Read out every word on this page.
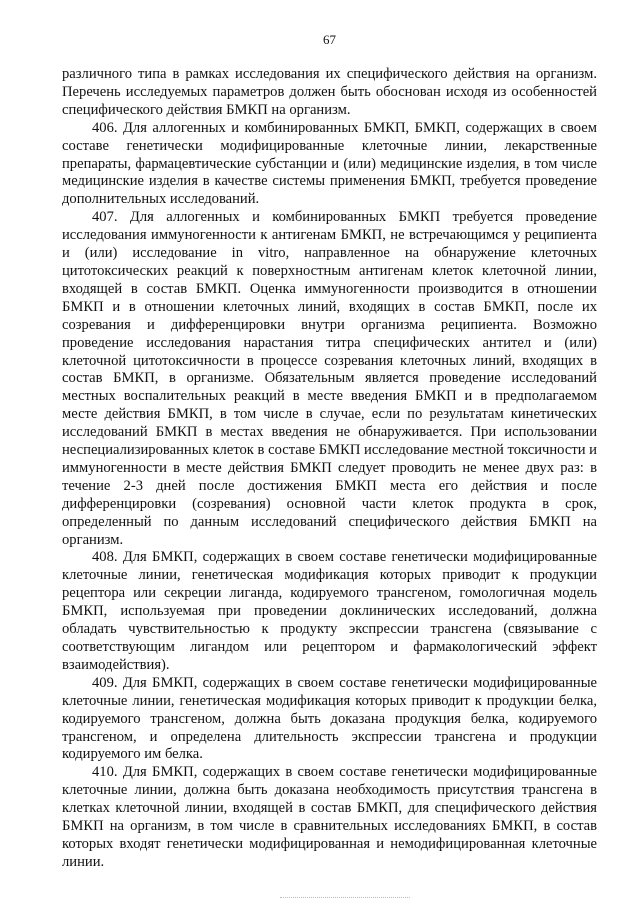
67

различного типа в рамках исследования их специфического действия на организм. Перечень исследуемых параметров должен быть обоснован исходя из особенностей специфического действия БМКП на организм.

406. Для аллогенных и комбинированных БМКП, БМКП, содержащих в своем составе генетически модифицированные клеточные линии, лекарственные препараты, фармацевтические субстанции и (или) медицинские изделия, в том числе медицинские изделия в качестве системы применения БМКП, требуется проведение дополнительных исследований.

407. Для аллогенных и комбинированных БМКП требуется проведение исследования иммуногенности к антигенам БМКП, не встречающимся у реципиента и (или) исследование in vitro, направленное на обнаружение клеточных цитотоксических реакций к поверхностным антигенам клеток клеточной линии, входящей в состав БМКП. Оценка иммуногенности производится в отношении БМКП и в отношении клеточных линий, входящих в состав БМКП, после их созревания и дифференцировки внутри организма реципиента. Возможно проведение исследования нарастания титра специфических антител и (или) клеточной цитотоксичности в процессе созревания клеточных линий, входящих в состав БМКП, в организме. Обязательным является проведение исследований местных воспалительных реакций в месте введения БМКП и в предполагаемом месте действия БМКП, в том числе в случае, если по результатам кинетических исследований БМКП в местах введения не обнаруживается. При использовании неспециализированных клеток в составе БМКП исследование местной токсичности и иммуногенности в месте действия БМКП следует проводить не менее двух раз: в течение 2-3 дней после достижения БМКП места его действия и после дифференцировки (созревания) основной части клеток продукта в срок, определенный по данным исследований специфического действия БМКП на организм.

408. Для БМКП, содержащих в своем составе генетически модифицированные клеточные линии, генетическая модификация которых приводит к продукции рецептора или секреции лиганда, кодируемого трансгеном, гомологичная модель БМКП, используемая при проведении доклинических исследований, должна обладать чувствительностью к продукту экспрессии трансгена (связывание с соответствующим лигандом или рецептором и фармакологический эффект взаимодействия).

409. Для БМКП, содержащих в своем составе генетически модифицированные клеточные линии, генетическая модификация которых приводит к продукции белка, кодируемого трансгеном, должна быть доказана продукция белка, кодируемого трансгеном, и определена длительность экспрессии трансгена и продукции кодируемого им белка.

410. Для БМКП, содержащих в своем составе генетически модифицированные клеточные линии, должна быть доказана необходимость присутствия трансгена в клетках клеточной линии, входящей в состав БМКП, для специфического действия БМКП на организм, в том числе в сравнительных исследованиях БМКП, в состав которых входят генетически модифицированная и немодифицированная клеточные линии.
